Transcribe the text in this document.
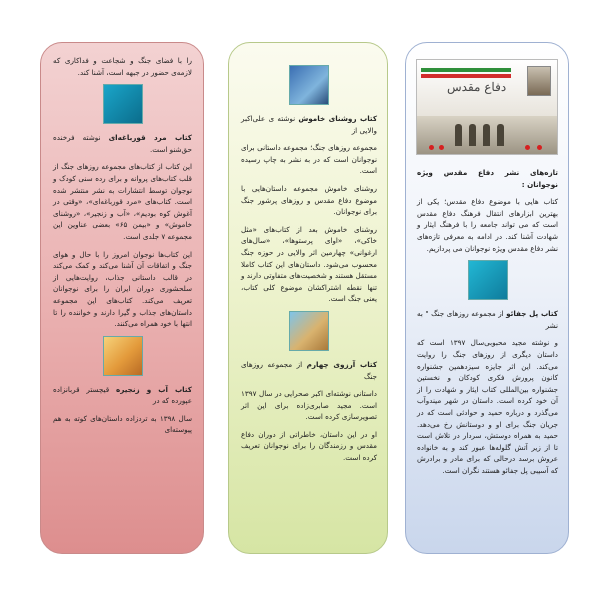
را با فضای جنگ و شجاعت و فداکاری که لازمه‌ی حضور در جبهه است، آشنا کند.

کتاب مرد قورباغه‌ای نوشته فرخنده حق‌شنو است.

این کتاب از کتاب‌های مجموعه روزهای جنگ از قلب کتاب‌های پروانه و برای رده سنی کودک و نوجوان توسط انتشارات به نشر منتشر شده است. کتاب‌های «مرد قورباغه‌ای»، «وقتی در آغوش کوه بودیم»، «آب و زنجیر»، «روشنای خاموش» و «بیمن ۶۵» بعضی عناوین این مجموعه ۷ جلدی است.

این کتاب‌ها نوجوان امروز را با حال و هوای جنگ و اتفاقات آن آشنا می‌کند و کمک می‌کند در قالب داستانی جذاب، روایت‌هایی از سلحشوری دوران ایران را برای نوجوانان تعریف می‌کند. کتاب‌های این مجموعه داستان‌های جذاب و گیرا دارند و خواننده را تا انتها با خود همراه می‌کنند.

کتاب آب و زنجیره قیچستر قربانزاده عپورده که در

سال ۱۳۹۸ به ترد‌زاده داستان‌های کوته به هم پیوسته‌ای

کتاب روشنای خاموش نوشته ی علی‌اکبر والایی از

مجموعه روزهای جنگ؛ مجموعه داستانی برای نوجوانان است که در به نشر به چاپ رسیده است.

روشنای خاموش مجموعه داستان‌هایی با موضوع دفاع مقدس و روزهای پرشور جنگ برای نوجوانان.

روشنای خاموش بعد از کتاب‌های «مثل خاکی»، «اوای پرستوها»، «سال‌های ارغوانی» چهارمین اثر والایی در حوزه جنگ محسوب می‌شود. داستان‌های این کتاب کاملا مستقل هستند و شخصیت‌های متفاوتی دارند و تنها نقطه اشتراکشان موضوع کلی کتاب، یعنی جنگ است.

کتاب آرزوی چهارم از مجموعه روزهای جنگ

داستانی نوشته‌ای اکبر صحرایی در سال ۱۳۹۷ است. مجید صابری‌زاده برای این اثر تصویرسازی کرده است.

او در این داستان، خاطراتی از دوران دفاع مقدس و رزمندگان را برای نوجوانان تعریف کرده است.

دفاع مقدس

تازه‌های نشر دفاع مقدس ویژه نوجوانان :

کتاب هایی با موضوع دفاع مقدس؛ یکی از بهترین ابزارهای انتقال فرهنگ دفاع مقدس است که می تواند جامعه را با فرهنگ ایثار و شهادت آشنا کند. در ادامه به معرفی تازه‌های نشر دفاع مقدس ویژه نوجوانان می پردازیم.

کتاب پل جفائو از مجموعه روزهای جنگ " به نشر

و نوشته مجید محبوبی‌سال ۱۳۹۷ است که داستان دیگری از روزهای جنگ را روایت می‌کند. این اثر جایزه سیزدهمین جشنواره کانون پرورش فکری کودکان و نخستین جشنواره بین‌المللی کتاب ایثار و شهادت را از آن خود کرده است. داستان در شهر میندوآب می‌گذرد و درباره حمید و حوادثی است که در جریان جنگ برای او و دوستانش رخ می‌دهد. حمید به همراه دوستش، سردار در تلاش است تا از زیر آتش گلوله‌ها عبور کند و به خانواده عروش برسد درحالی که برای مادر و برادرش که آسیبی پل جفائو هستند نگران است.
